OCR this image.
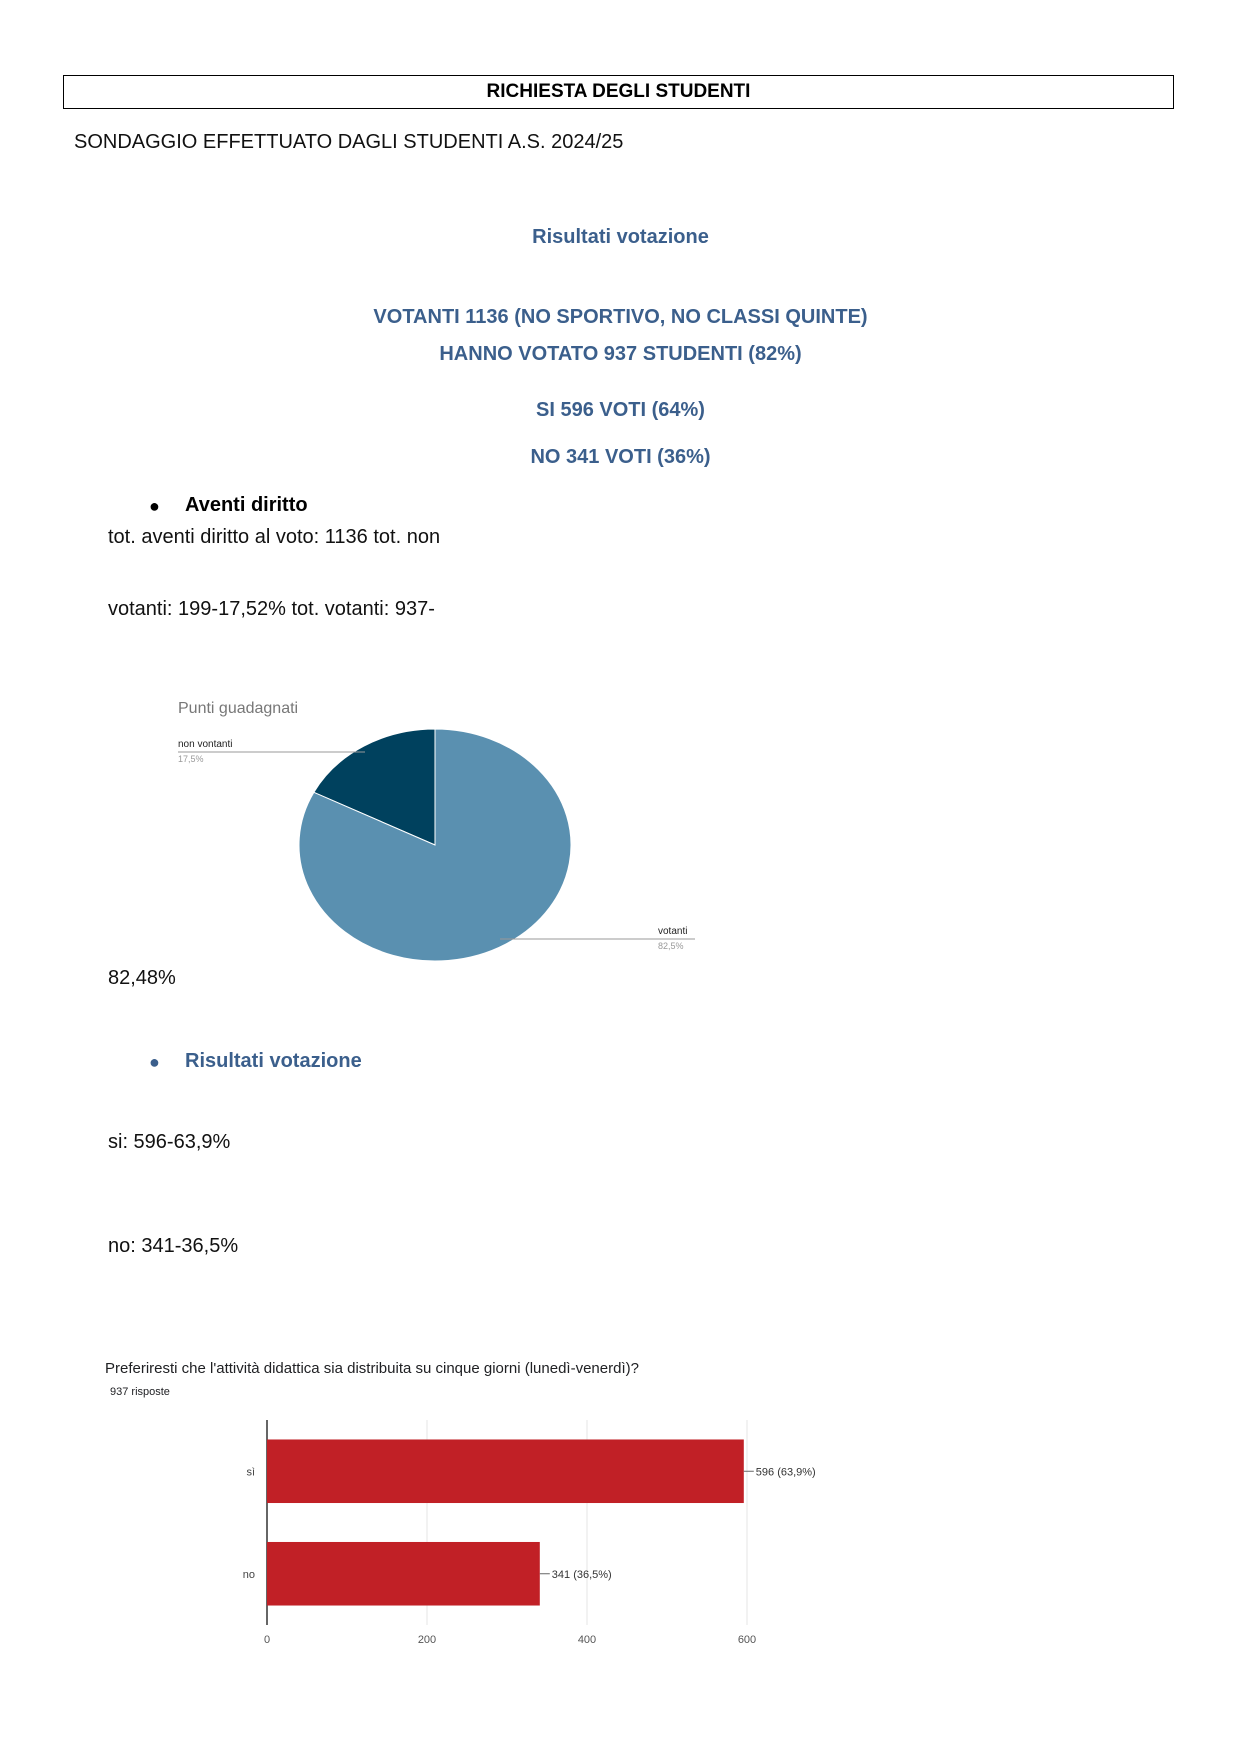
RICHIESTA DEGLI STUDENTI
SONDAGGIO EFFETTUATO DAGLI STUDENTI A.S. 2024/25
Risultati votazione
VOTANTI 1136 (NO SPORTIVO, NO CLASSI QUINTE)
HANNO VOTATO 937 STUDENTI (82%)
SI 596 VOTI (64%)
NO 341 VOTI (36%)
● Aventi diritto
tot. aventi diritto al voto: 1136 tot. non
votanti: 199-17,52% tot. votanti: 937-
Punti guadagnati
non vontanti
17,5%
votanti
82,5%
82,48%
● Risultati votazione
si: 596-63,9%
no: 341-36,5%
Preferiresti che l'attività didattica sia distribuita su cinque giorni (lunedì-venerdì)?
937 risposte
0	200	400	600
sì	596 (63,9%)
no	341 (36,5%)
